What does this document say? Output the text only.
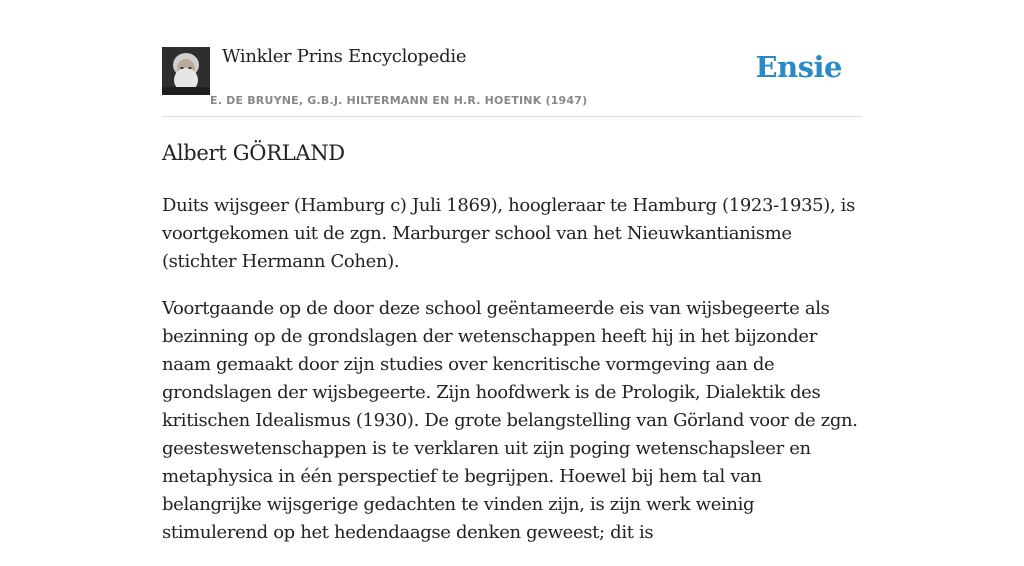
Winkler Prins Encyclopedie
E. DE BRUYNE, G.B.J. HILTERMANN EN H.R. HOETINK (1947)
Ensie
Albert GÖRLAND

Duits wijsgeer (Hamburg c) Juli 1869), hoogleraar te Hamburg (1923-1935), is voortgekomen uit de zgn. Marburger school van het Nieuwkantianisme (stichter Hermann Cohen).

Voortgaande op de door deze school geëntameerde eis van wijsbegeerte als bezinning op de grondslagen der wetenschappen heeft hij in het bijzonder naam gemaakt door zijn studies over kencritische vormgeving aan de grondslagen der wijsbegeerte. Zijn hoofdwerk is de Prologik, Dialektik des kritischen Idealismus (1930). De grote belangstelling van Görland voor de zgn. geesteswetenschappen is te verklaren uit zijn poging wetenschapsleer en metaphysica in één perspectief te begrijpen. Hoewel bij hem tal van belangrijke wijsgerige gedachten te vinden zijn, is zijn werk weinig stimulerend op het hedendaagse denken geweest; dit is
